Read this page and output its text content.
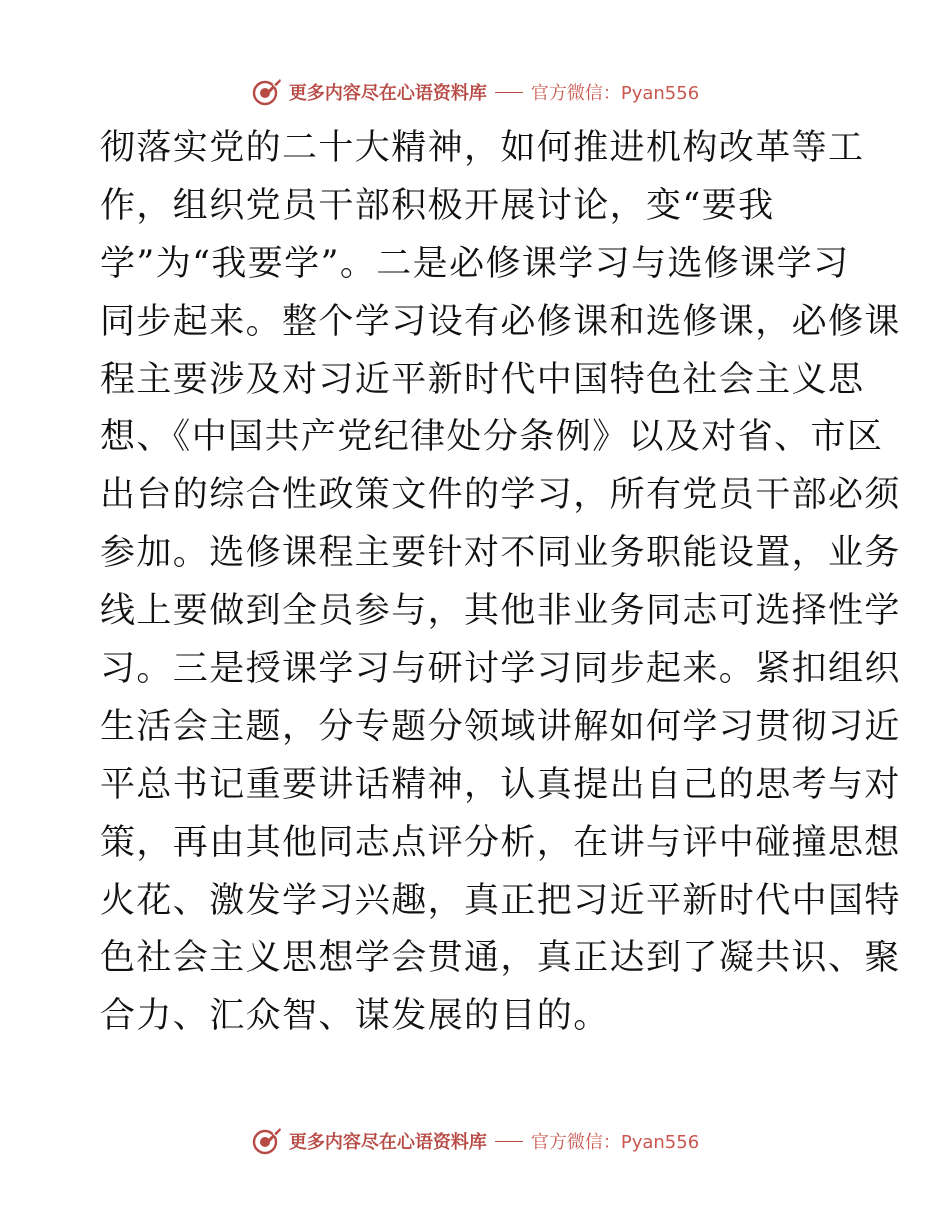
更多内容尽在心语资料库 官方微信：Pyan556
彻落实党的二十大精神，如何推进机构改革等工
作，组织党员干部积极开展讨论，变“要我
学”为“我要学”。二是必修课学习与选修课学习
同步起来。整个学习设有必修课和选修课，必修课
程主要涉及对习近平新时代中国特色社会主义思
想、《中国共产党纪律处分条例》以及对省、市区
出台的综合性政策文件的学习，所有党员干部必须
参加。选修课程主要针对不同业务职能设置，业务
线上要做到全员参与，其他非业务同志可选择性学
习。三是授课学习与研讨学习同步起来。紧扣组织
生活会主题，分专题分领域讲解如何学习贯彻习近
平总书记重要讲话精神，认真提出自己的思考与对
策，再由其他同志点评分析，在讲与评中碰撞思想
火花、激发学习兴趣，真正把习近平新时代中国特
色社会主义思想学会贯通，真正达到了凝共识、聚
合力、汇众智、谋发展的目的。
更多内容尽在心语资料库 官方微信：Pyan556
